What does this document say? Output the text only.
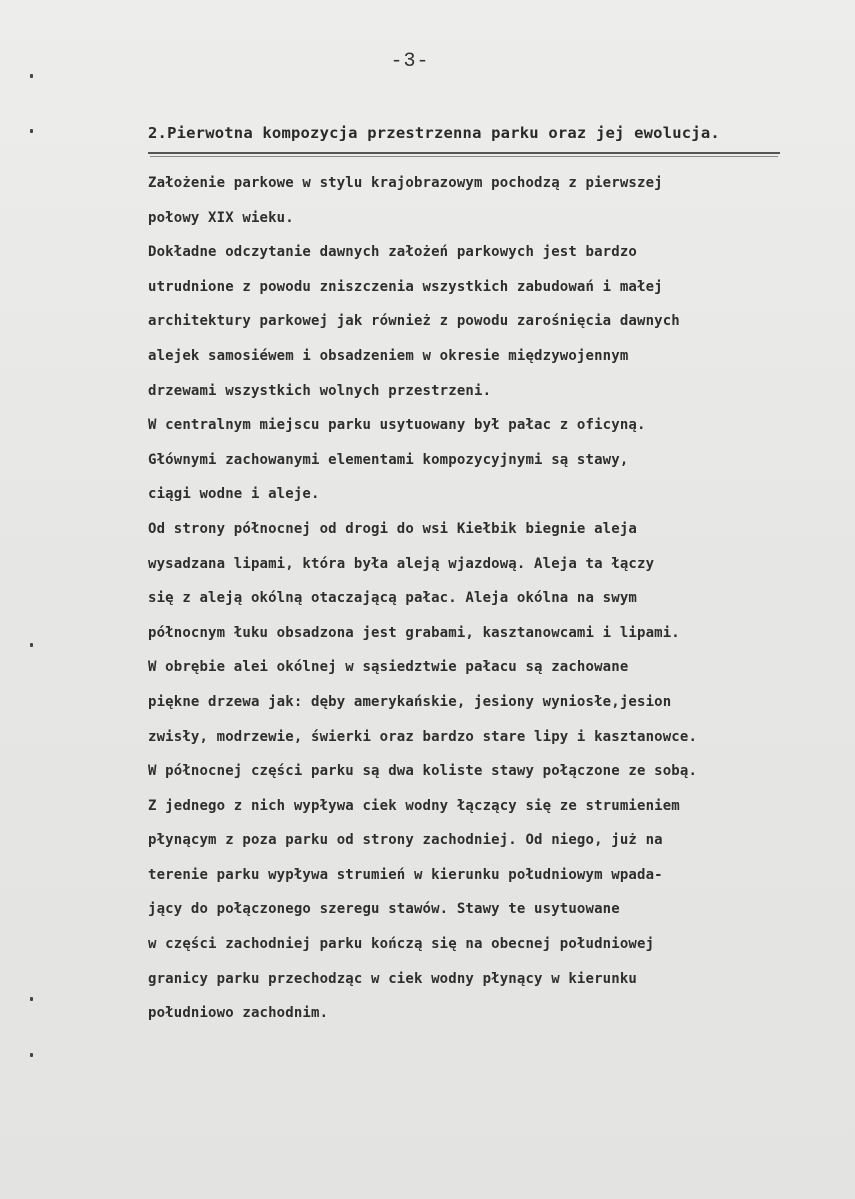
-3-
2.Pierwotna kompozycja przestrzenna parku oraz jej ewolucja.
Założenie parkowe w stylu krajobrazowym pochodzą z pierwszej
połowy XIX wieku.
Dokładne odczytanie dawnych założeń parkowych jest bardzo
utrudnione z powodu zniszczenia wszystkich zabudowań i małej
architektury parkowej jak również z powodu zarośnięcia dawnych
alejek samosiéwem i obsadzeniem w okresie międzywojennym
drzewami wszystkich wolnych przestrzeni.
W centralnym miejscu parku usytuowany był pałac z oficyną.
Głównymi zachowanymi elementami kompozycyjnymi są stawy,
ciągi wodne i aleje.
Od strony północnej od drogi do wsi Kiełbik biegnie aleja
wysadzana lipami, która była aleją wjazdową. Aleja ta łączy
się z aleją okólną otaczającą pałac. Aleja okólna na swym
północnym łuku obsadzona jest grabami, kasztanowcami i lipami.
W obrębie alei okólnej w sąsiedztwie pałacu są zachowane
piękne drzewa jak: dęby amerykańskie, jesiony wyniosłe,jesion
zwisły, modrzewie, świerki oraz bardzo stare lipy i kasztanowce.
W północnej części parku są dwa koliste stawy połączone ze sobą.
Z jednego z nich wypływa ciek wodny łączący się ze strumieniem
płynącym z poza parku od strony zachodniej. Od niego, już na
terenie parku wypływa strumień w kierunku południowym wpada-
jący do połączonego szeregu stawów. Stawy te usytuowane
w części zachodniej parku kończą się na obecnej południowej
granicy parku przechodząc w ciek wodny płynący w kierunku
południowo zachodnim.
